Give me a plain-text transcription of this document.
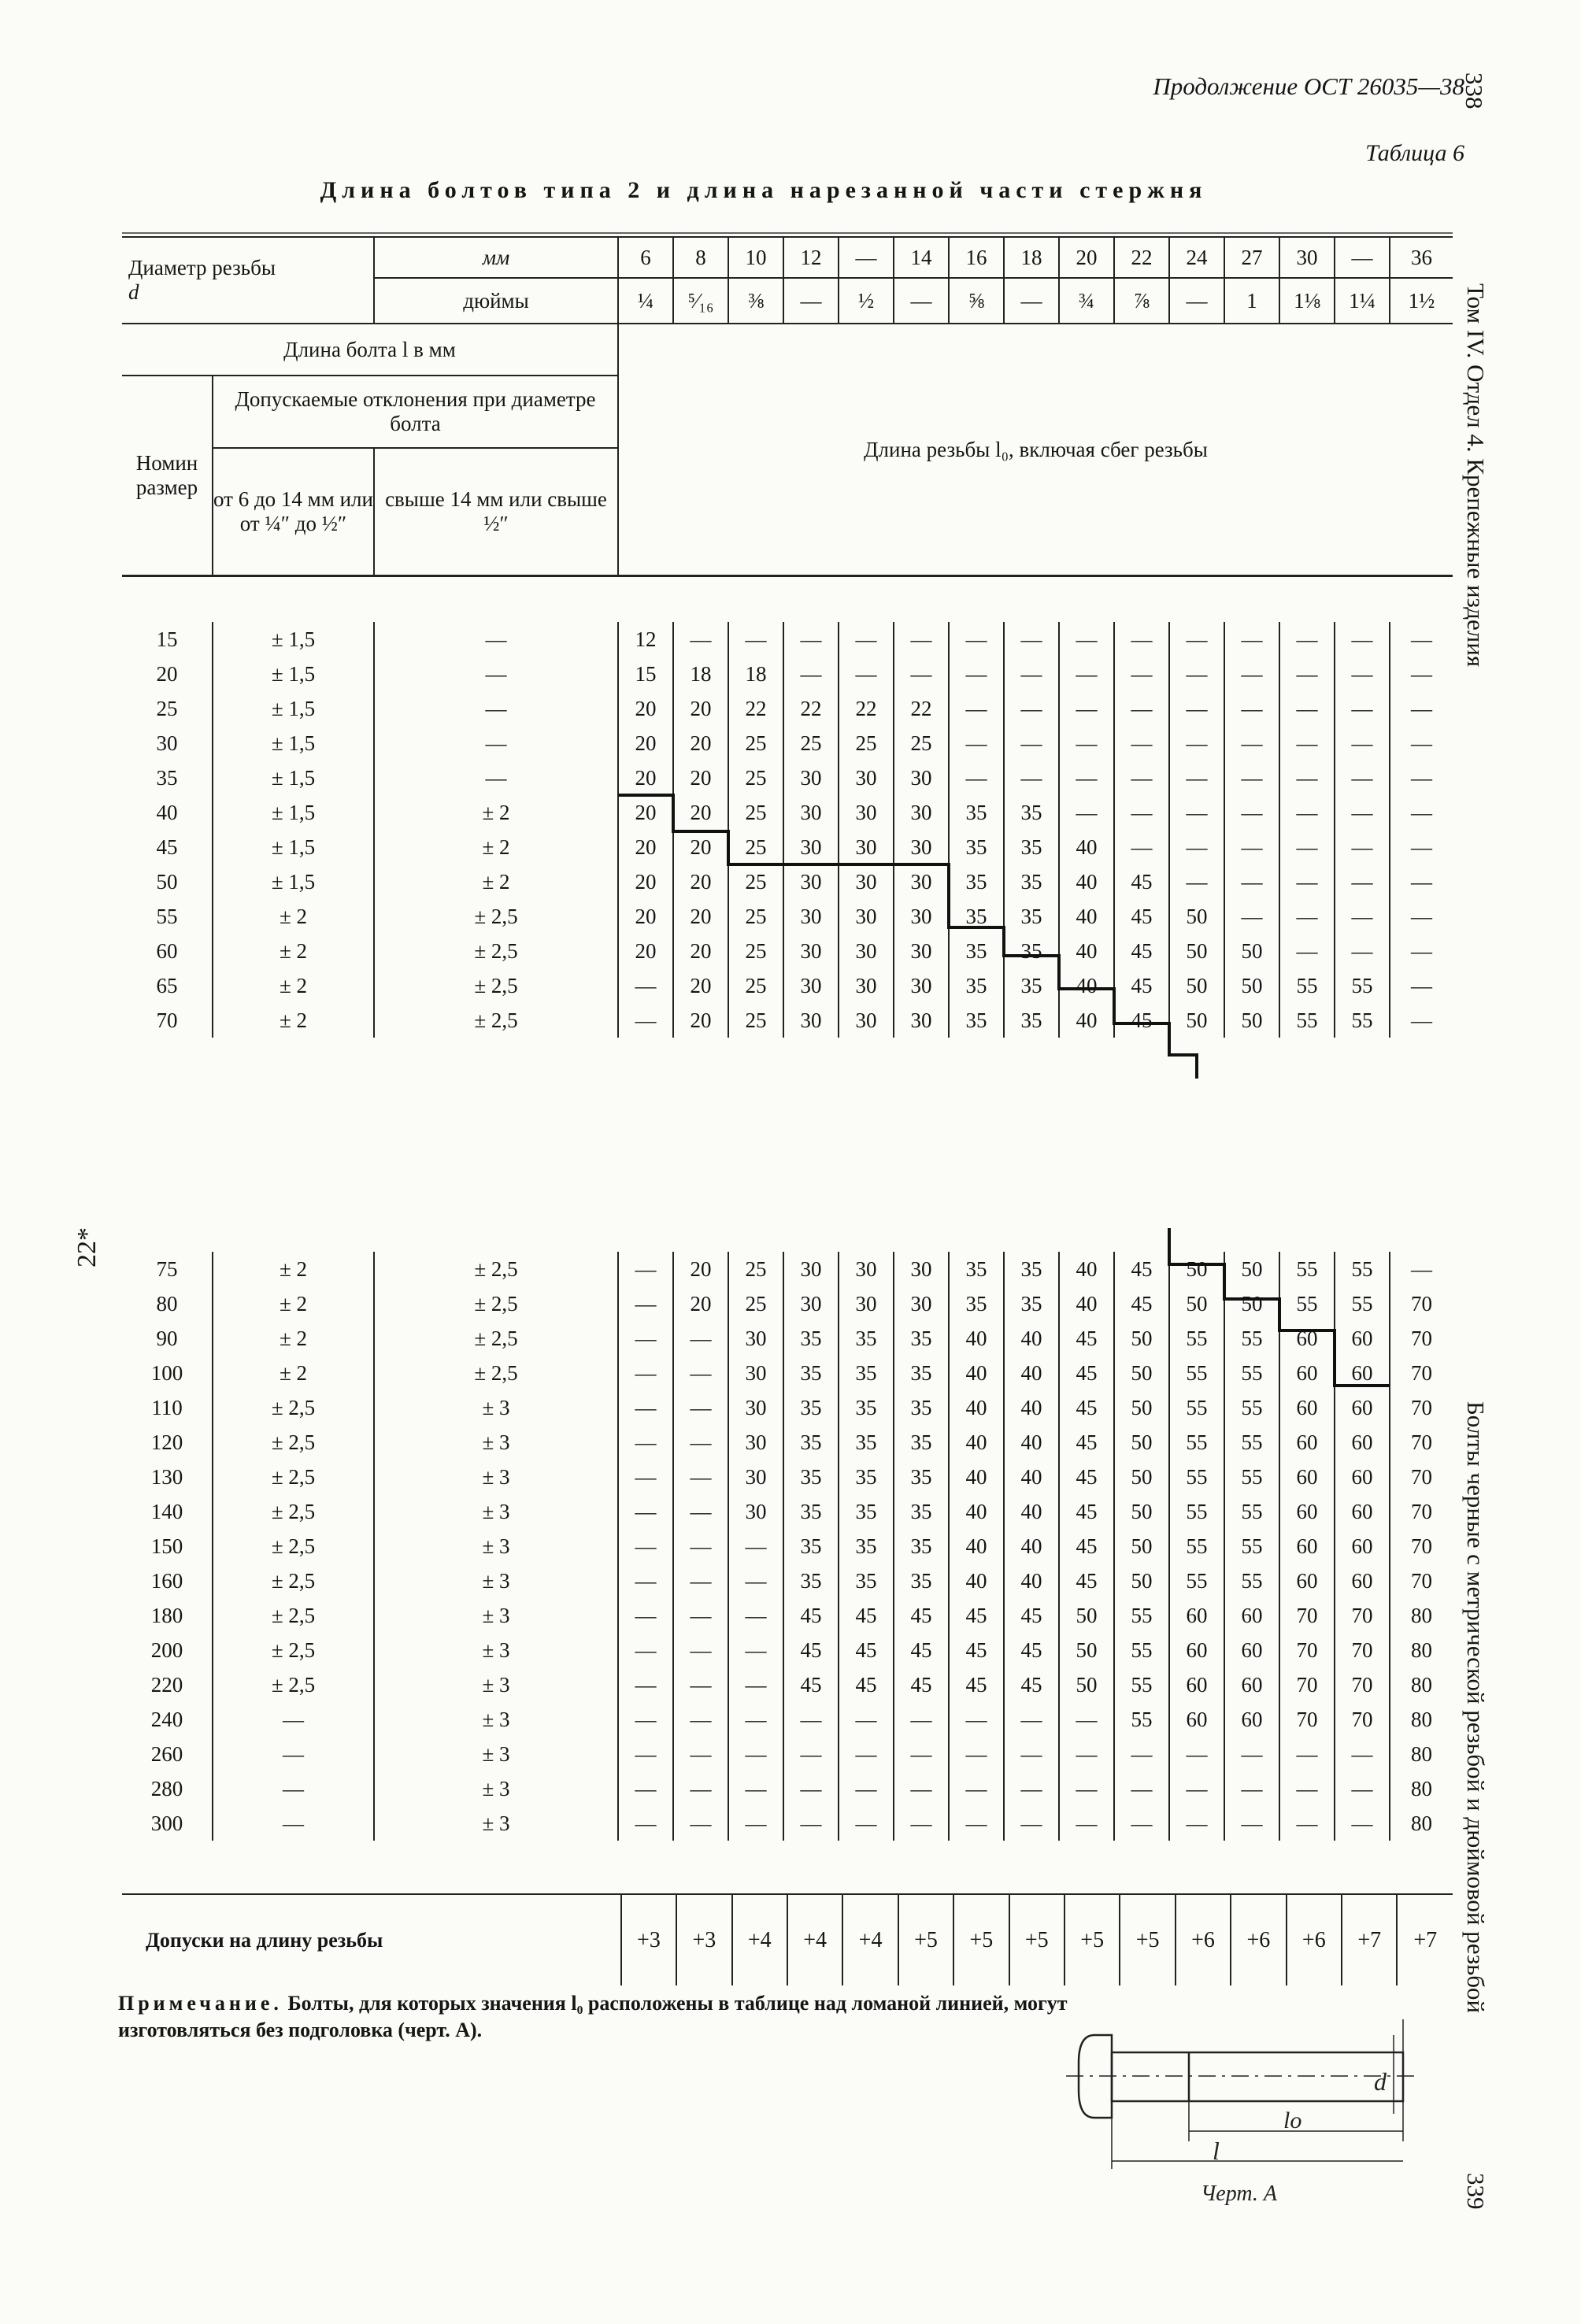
Продолжение ОСТ 26035—38
338
Таблица 6
Длина болтов типа 2 и длина нарезанной части стержня
Том IV. Отдел 4. Крепежные изделия
Болты черные с метрической резьбой и дюймовой резьбой
339
22*
Диаметр резьбы
d		мм	6	8	10	12	—	14	16	18	20	22	24	27	30	—	36
		дюймы	¼	⁵⁄₁₆	⅜	—	½	—	⅝	—	¾	⅞	—	1	1⅛	1¼	1½
Длина болта l в мм			Длина резьбы l₀, включая сбег резьбы														
Номин размер	Допускаемые отклонения при диаметре болта																
	от 6 до 14 мм или от ¼″ до ½″	свыше 14 мм или свыше ½″															
15	± 1,5	—	12	—	—	—	—	—	—	—	—	—	—	—	—	—	—
20	± 1,5	—	15	18	18	—	—	—	—	—	—	—	—	—	—	—	—
25	± 1,5	—	20	20	22	22	22	22	—	—	—	—	—	—	—	—	—
30	± 1,5	—	20	20	25	25	25	25	—	—	—	—	—	—	—	—	—
35	± 1,5	—	20	20	25	30	30	30	—	—	—	—	—	—	—	—	—
40	± 1,5	± 2	20	20	25	30	30	30	35	35	—	—	—	—	—	—	—
45	± 1,5	± 2	20	20	25	30	30	30	35	35	40	—	—	—	—	—	—
50	± 1,5	± 2	20	20	25	30	30	30	35	35	40	45	—	—	—	—	—
55	± 2	± 2,5	20	20	25	30	30	30	35	35	40	45	50	—	—	—	—
60	± 2	± 2,5	20	20	25	30	30	30	35	35	40	45	50	50	—	—	—
65	± 2	± 2,5	—	20	25	30	30	30	35	35	40	45	50	50	55	55	—
70	± 2	± 2,5	—	20	25	30	30	30	35	35	40	45	50	50	55	55	—
75	± 2	± 2,5	—	20	25	30	30	30	35	35	40	45	50	50	55	55	—
80	± 2	± 2,5	—	20	25	30	30	30	35	35	40	45	50	50	55	55	70
90	± 2	± 2,5	—	—	30	35	35	35	40	40	45	50	55	55	60	60	70
100	± 2	± 2,5	—	—	30	35	35	35	40	40	45	50	55	55	60	60	70
110	± 2,5	± 3	—	—	30	35	35	35	40	40	45	50	55	55	60	60	70
120	± 2,5	± 3	—	—	30	35	35	35	40	40	45	50	55	55	60	60	70
130	± 2,5	± 3	—	—	30	35	35	35	40	40	45	50	55	55	60	60	70
140	± 2,5	± 3	—	—	30	35	35	35	40	40	45	50	55	55	60	60	70
150	± 2,5	± 3	—	—	—	35	35	35	40	40	45	50	55	55	60	60	70
160	± 2,5	± 3	—	—	—	35	35	35	40	40	45	50	55	55	60	60	70
180	± 2,5	± 3	—	—	—	45	45	45	45	45	50	55	60	60	70	70	80
200	± 2,5	± 3	—	—	—	45	45	45	45	45	50	55	60	60	70	70	80
220	± 2,5	± 3	—	—	—	45	45	45	45	45	50	55	60	60	70	70	80
240	—	± 3	—	—	—	—	—	—	—	—	—	55	60	60	70	70	80
260	—	± 3	—	—	—	—	—	—	—	—	—	—	—	—	—	—	80
280	—	± 3	—	—	—	—	—	—	—	—	—	—	—	—	—	—	80
300	—	± 3	—	—	—	—	—	—	—	—	—	—	—	—	—	—	80
Допуски на длину резьбы	+3	+3	+4	+4	+4	+5	+5	+5	+5	+5	+6	+6	+6	+7	+7
Примечание. Болты, для которых значения l₀ расположены в таблице над ломаной линией, могут изготовляться без подголовка (черт. А).
lo
l
d
Черт. А
